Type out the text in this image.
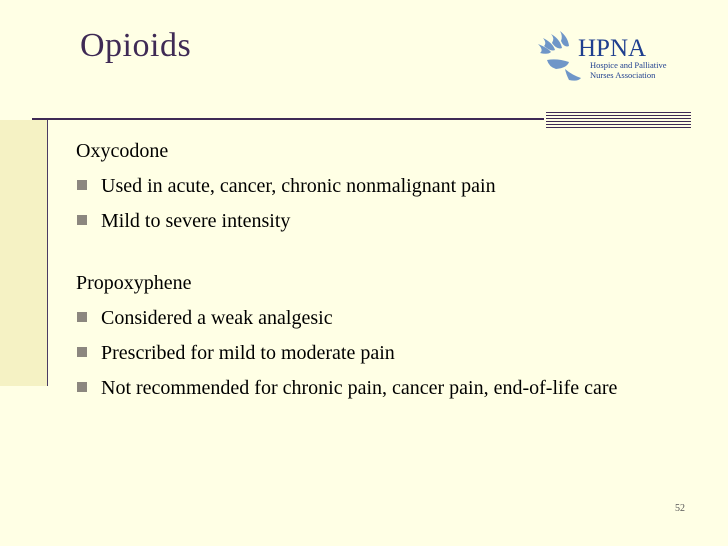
Opioids	HPNA
Hospice and Palliative
Nurses Association
Oxycodone
Used in acute, cancer, chronic nonmalignant pain
Mild to severe intensity
Propoxyphene
Considered a weak analgesic
Prescribed for mild to moderate pain
Not recommended for chronic pain, cancer pain, end-of-life care
52
